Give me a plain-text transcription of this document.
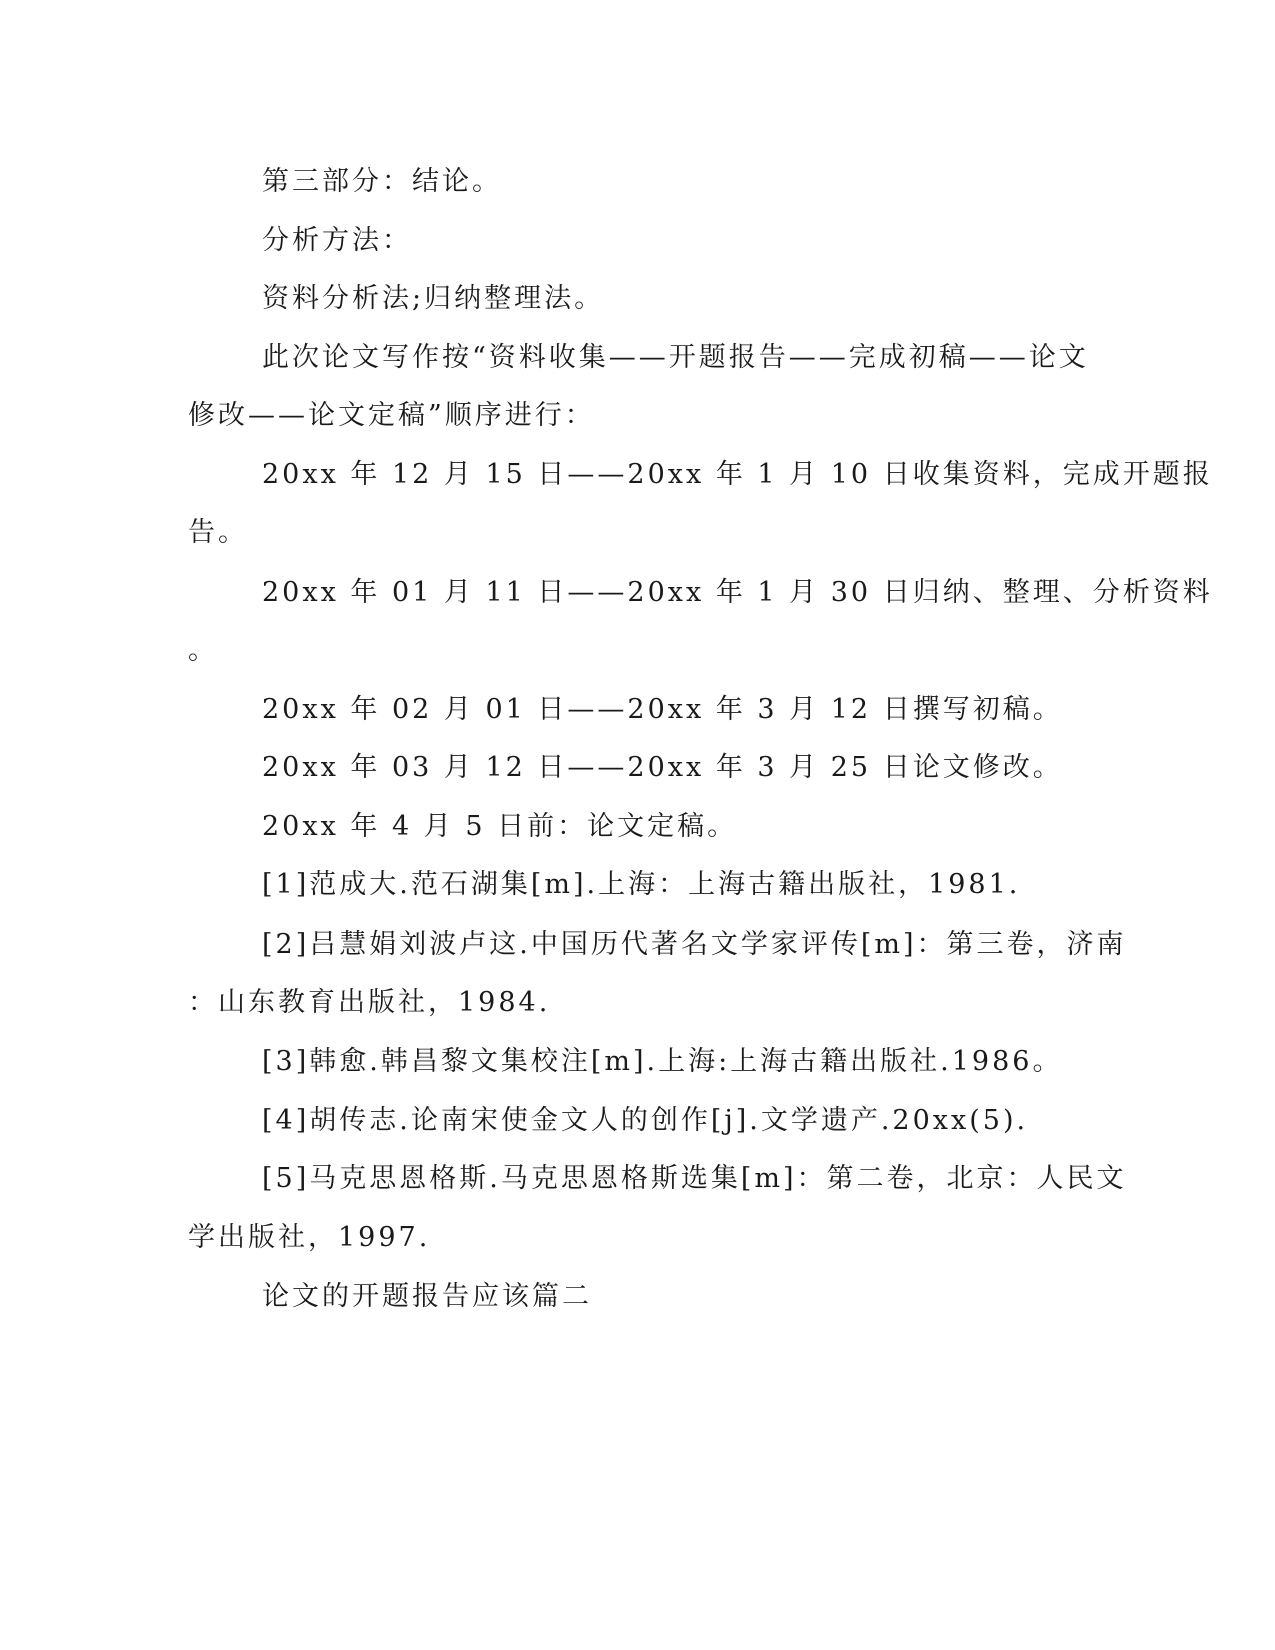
第三部分：结论。
分析方法：
资料分析法;归纳整理法。
此次论文写作按“资料收集——开题报告——完成初稿——论文
修改——论文定稿”顺序进行：
20xx 年 12 月 15 日——20xx 年 1 月 10 日收集资料，完成开题报
告。
20xx 年 01 月 11 日——20xx 年 1 月 30 日归纳、整理、分析资料
。
20xx 年 02 月 01 日——20xx 年 3 月 12 日撰写初稿。
20xx 年 03 月 12 日——20xx 年 3 月 25 日论文修改。
20xx 年 4 月 5 日前：论文定稿。
[1]范成大.范石湖集[m].上海：上海古籍出版社，1981.
[2]吕慧娟刘波卢这.中国历代著名文学家评传[m]：第三卷，济南
：山东教育出版社，1984.
[3]韩愈.韩昌黎文集校注[m].上海:上海古籍出版社.1986。
[4]胡传志.论南宋使金文人的创作[j].文学遗产.20xx(5).
[5]马克思恩格斯.马克思恩格斯选集[m]：第二卷，北京：人民文
学出版社，1997.
论文的开题报告应该篇二
